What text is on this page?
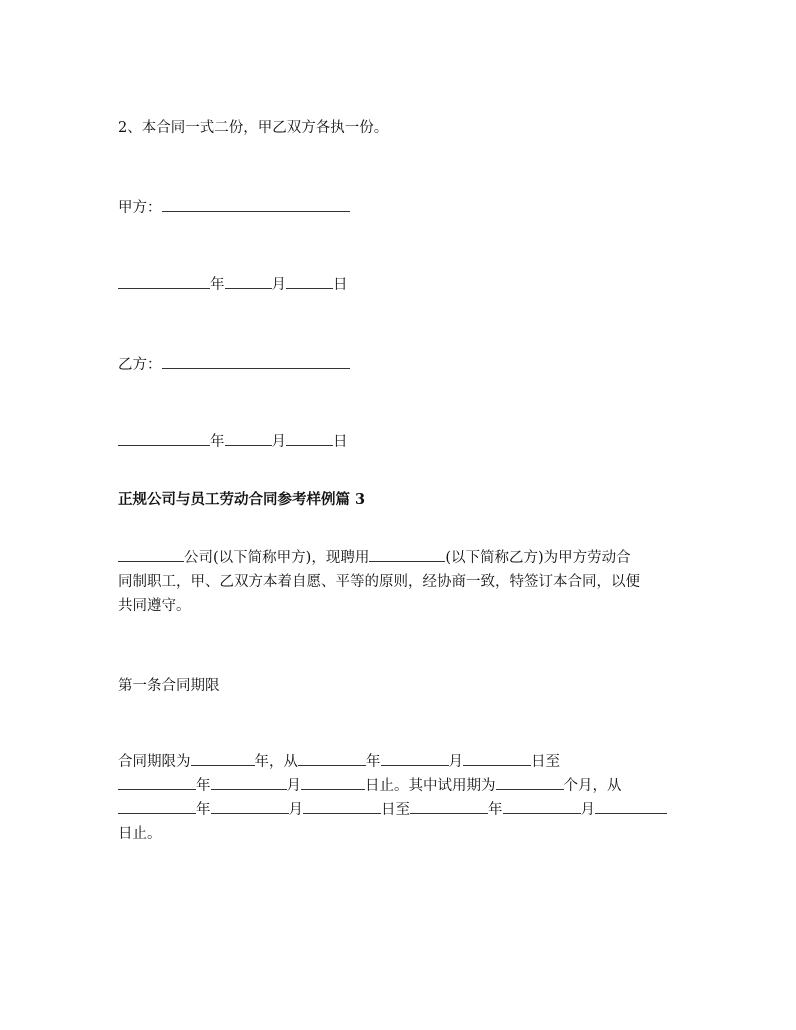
2、本合同一式二份，甲乙双方各执一份。
甲方：
年	月	日
乙方：
年	月	日
正规公司与员工劳动合同参考样例篇 3
公司(以下简称甲方)，现聘用	(以下简称乙方)为甲方劳动合
同制职工，甲、乙双方本着自愿、平等的原则，经协商一致，特签订本合同，以便
共同遵守。
第一条合同期限
合同期限为	年，从	年	月	日至
年	月	日止。其中试用期为	个月，从
年	月	日至	年	月
日止。
